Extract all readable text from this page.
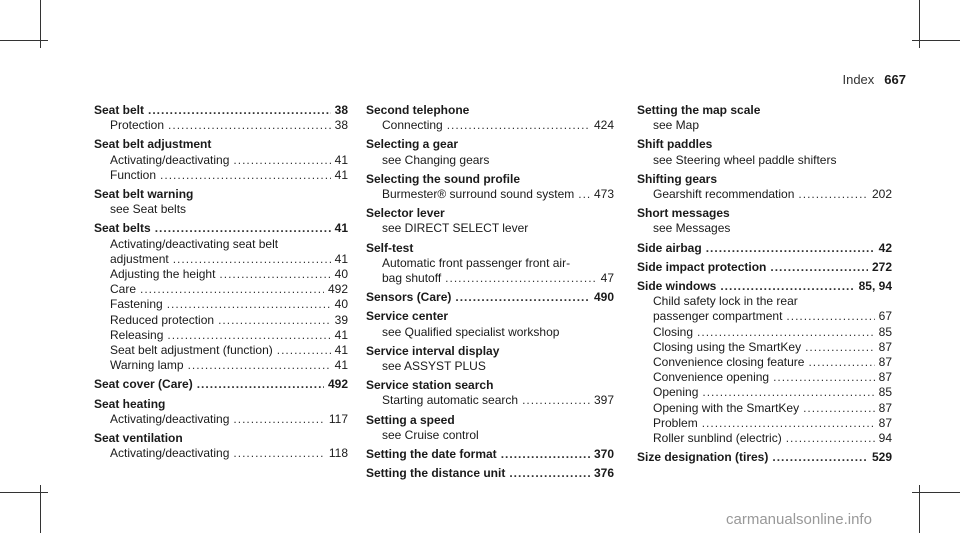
Index 667
Seat belt .....	38
Protection .....	38
Seat belt adjustment
Activating/deactivating .....	41
Function .....	41
Seat belt warning
see Seat belts
Seat belts .....	41
Activating/deactivating seat belt
adjustment .....	41
Adjusting the height .....	40
Care .....	492
Fastening .....	40
Reduced protection .....	39
Releasing .....	41
Seat belt adjustment (function) .....	41
Warning lamp .....	41
Seat cover (Care) .....	492
Seat heating
Activating/deactivating .....	117
Seat ventilation
Activating/deactivating .....	118
Second telephone
Connecting .....	424
Selecting a gear
see Changing gears
Selecting the sound profile
Burmester® surround sound system ..... 473
Selector lever
see DIRECT SELECT lever
Self-test
Automatic front passenger front air-
bag shutoff .....	47
Sensors (Care) .....	490
Service center
see Qualified specialist workshop
Service interval display
see ASSYST PLUS
Service station search
Starting automatic search .....	397
Setting a speed
see Cruise control
Setting the date format .....	370
Setting the distance unit .....	376
Setting the map scale
see Map
Shift paddles
see Steering wheel paddle shifters
Shifting gears
Gearshift recommendation .....	202
Short messages
see Messages
Side airbag .....	42
Side impact protection .....	272
Side windows .....	85, 94
Child safety lock in the rear
passenger compartment .....	67
Closing .....	85
Closing using the SmartKey .....	87
Convenience closing feature .....	87
Convenience opening .....	87
Opening .....	85
Opening with the SmartKey .....	87
Problem .....	87
Roller sunblind (electric) .....	94
Size designation (tires) .....	529
carmanualsonline.info
